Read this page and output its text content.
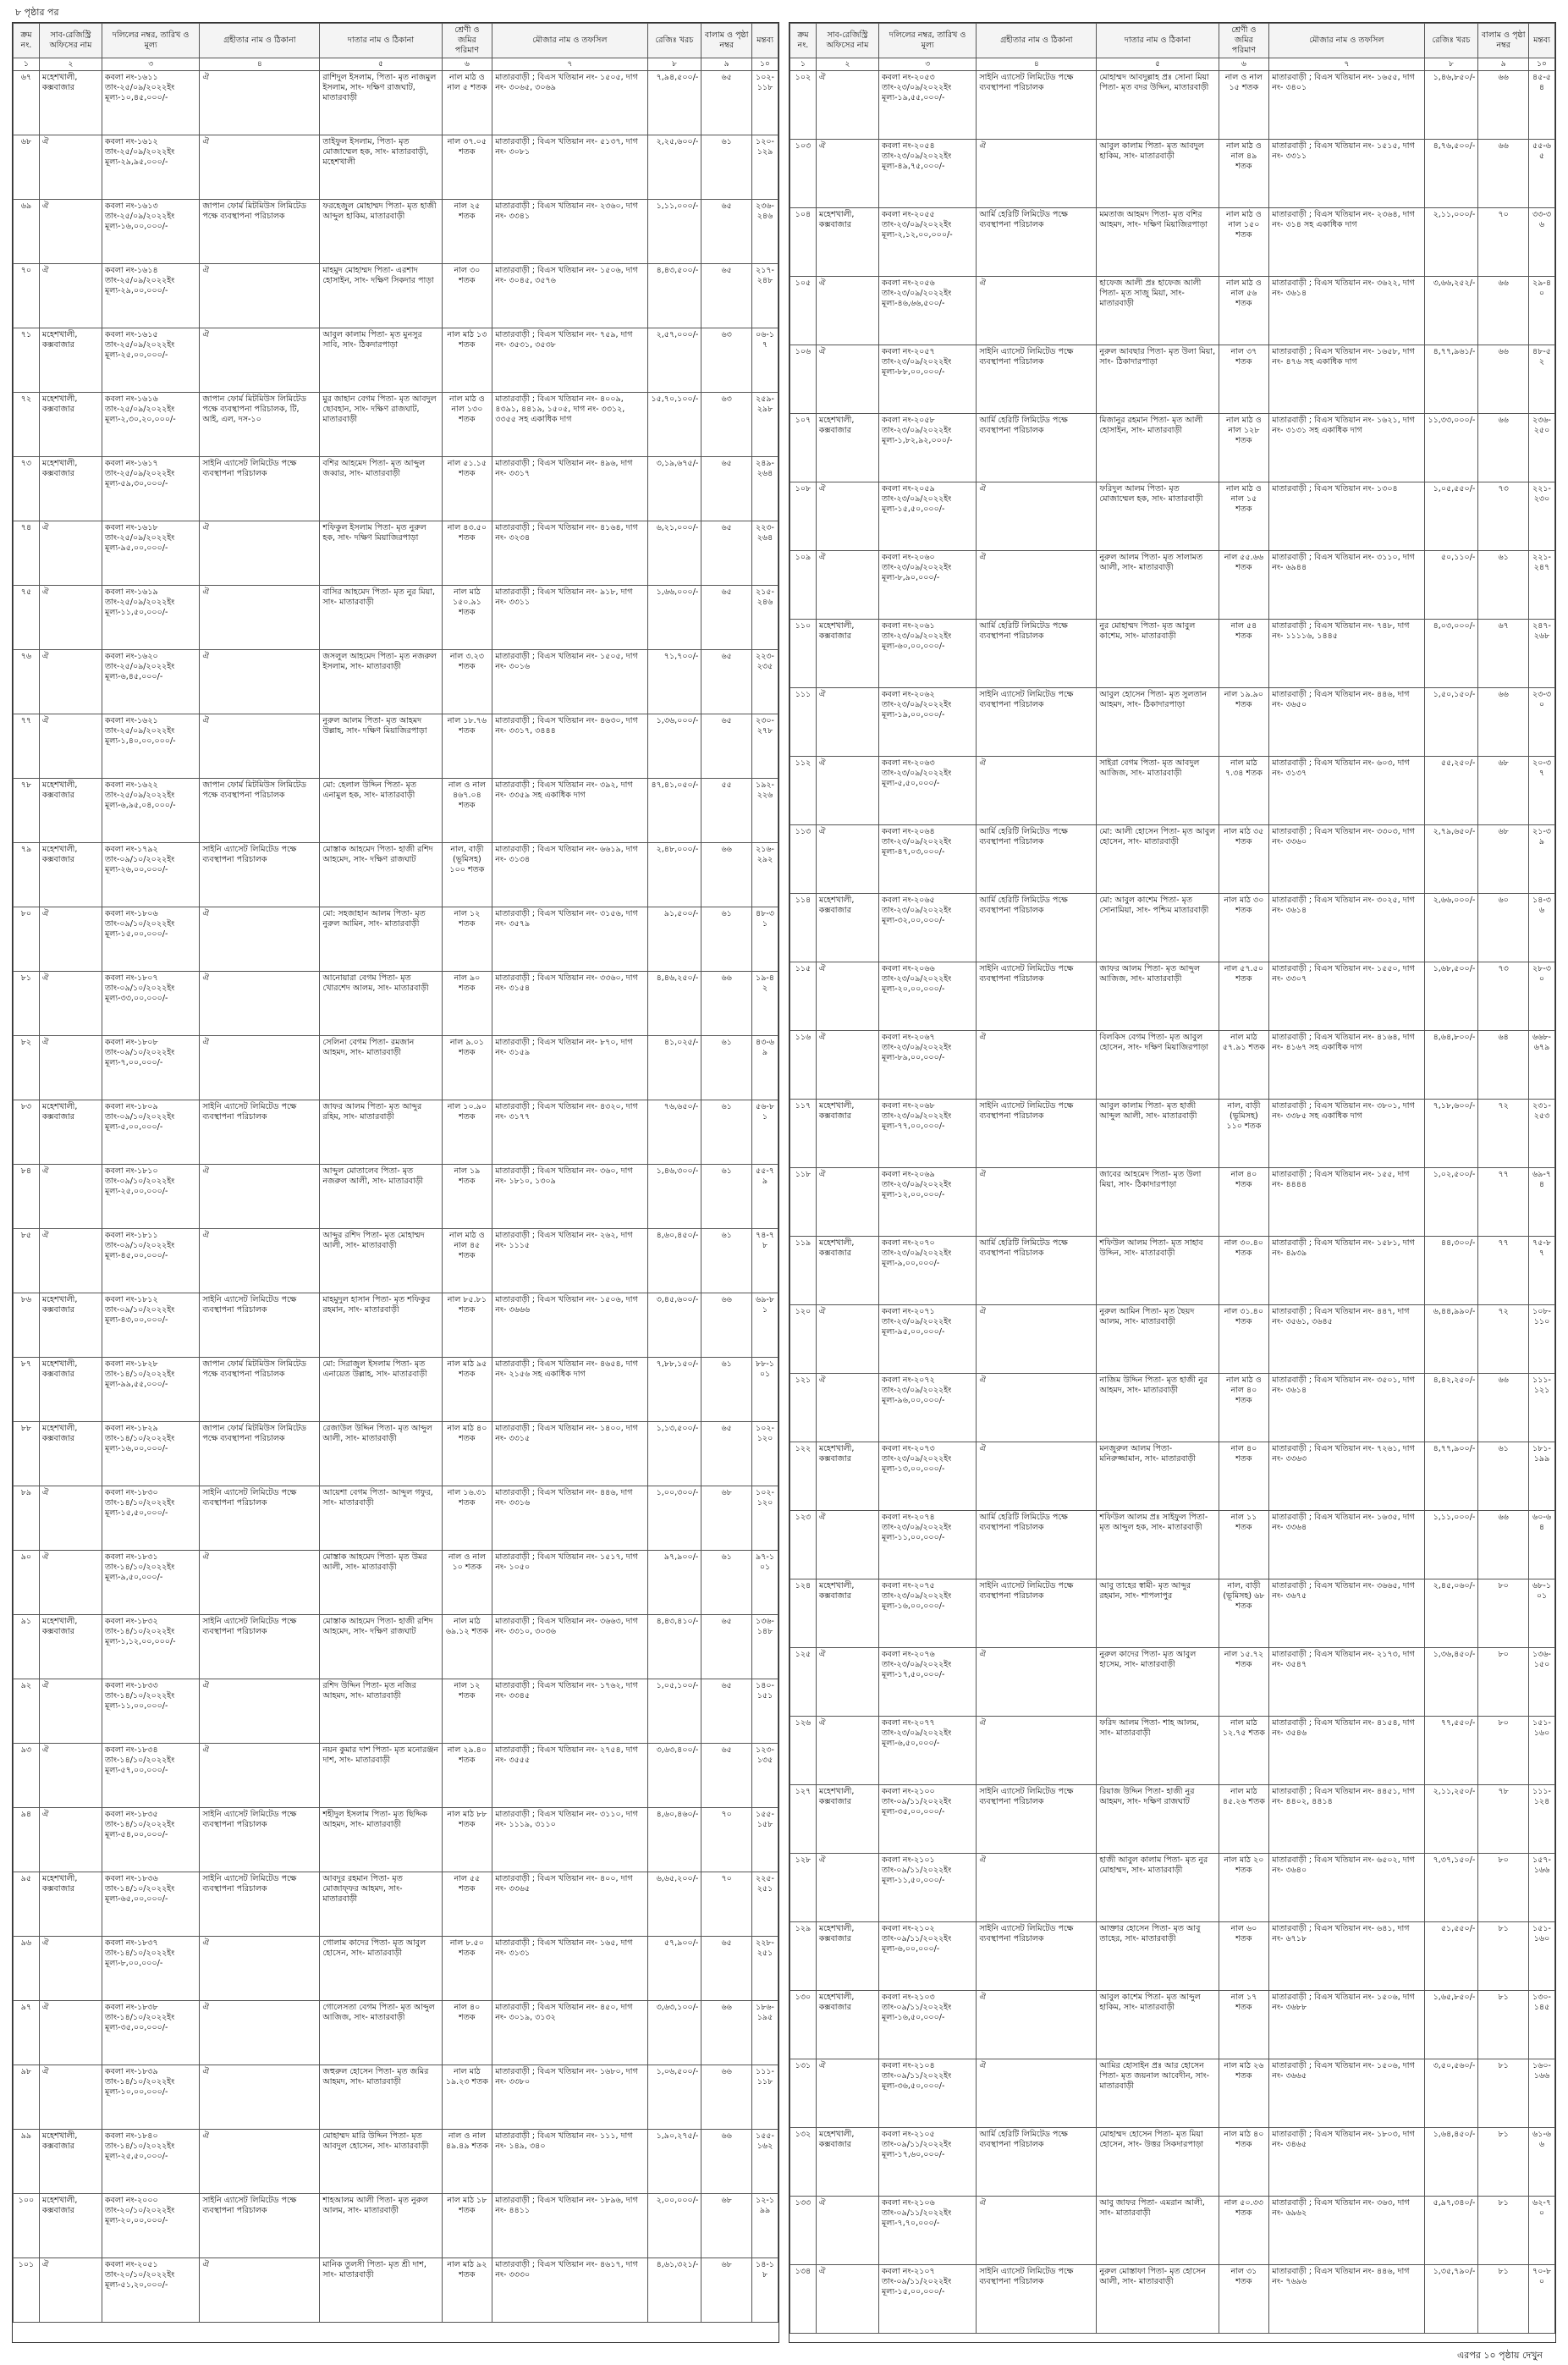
৮ পৃষ্ঠার পর
ক্রম নং.	সাব-রেজিস্ট্রি অফিসের নাম	দলিলের নম্বর, তারিখ ও মূল্য	গ্রহীতার নাম ও ঠিকানা	দাতার নাম ও ঠিকানা	শ্রেণী ও জমির পরিমাণ	মৌজার নাম ও তফসিল	রেজিঃ খরচ	বালাম ও পৃষ্ঠা নম্বর	মন্তব্য
১	২	৩	৪	৫	৬	৭	৮	৯	১০
৬৭	মহেশখালী, কক্সবাজার	কবলা নং-১৬১১ তাং-২৫/০৯/২০২২ইং মূল্য-১০,৪৫,০০০/-	ঐ	রাশিদুল ইসলাম, পিতা- মৃত নাজমুল ইসলাম, সাং- দক্ষিণ রাজঘাট, মাতারবাড়ী	নাল মাঠ ও নাল ৫ শতক	মাতারবাড়ী ; বিএস খতিয়ান নং- ১৫০৫, দাগ নং- ৩০৬৫, ৩০৬৯	৭,৯৪,৫০০/-	৬৫	১০২-১১৮
৬৮	ঐ	কবলা নং-১৬১২ তাং-২৫/০৯/২০২২ইং মূল্য-২৯,৯৫,০০০/-	ঐ	তাইফুল ইসলাম, পিতা- মৃত মোজাম্মেল হক, সাং- মাতারবাড়ী, মহেশখালী	নাল ৩৭.০৫ শতক	মাতারবাড়ী ; বিএস খতিয়ান নং- ৫১৩৭, দাগ নং- ৩০৮১	২,২৫,৬০০/-	৬১	১২০-১২৯
৬৯	ঐ	কবলা নং-১৬১৩ তাং-২৫/০৯/২০২২ইং মূল্য-১৬,০০,০০০/-	জাপান ফোর্ম মিটমিউস লিমিটেড পক্ষে ব্যবস্থাপনা পরিচালক	ফরহেজুল মোহাম্মদ পিতা- মৃত হাজী আব্দুল হাকিম, মাতারবাড়ী	নাল ২৫ শতক	মাতারবাড়ী ; বিএস খতিয়ান নং- ২৩৬০, দাগ নং- ৩৩৪১	১,১১,০০০/-	৬৫	২৩৬-২৪৬
৭০	ঐ	কবলা নং-১৬১৪ তাং-২৫/০৯/২০২২ইং মূল্য-২৯,০০,০০০/-	ঐ	মাহমুদ মোহাম্মদ পিতা- এরশাদ হোসাইন, সাং- দক্ষিণ সিকদার পাড়া	নাল ৩০ শতক	মাতারবাড়ী ; বিএস খতিয়ান নং- ১৫০৬, দাগ নং- ৩০৪৫, ৩৫৭৬	৪,৪৩,৫০০/-	৬৫	২১৭-২৪৮
৭১	মহেশখালী, কক্সবাজার	কবলা নং-১৬১৫ তাং-২৫/০৯/২০২২ইং মূল্য-২৫,০০,০০০/-	ঐ	আবুল কালাম পিতা- মৃত মুনসুর সাবি, সাং- ঠিকদারপাড়া	নাল মাঠ ১৩ শতক	মাতারবাড়ী ; বিএস খতিয়ান নং- ৭৫৯, দাগ নং- ৩৫৩১, ৩৫৩৮	২,৫৭,০০০/-	৬৩	০৬-১৭
৭২	মহেশখালী, কক্সবাজার	কবলা নং-১৬১৬ তাং-২৫/০৯/২০২২ইং মূল্য-২,৩০,২০,০০০/-	জাপান ফোর্ম মিটমিউস লিমিটেড পক্ষে ব্যবস্থাপনা পরিচালক, টি, আই, এল, দস-১০	মুর জাহান বেগম পিতা- মৃত আবদুল ছোবহান, সাং- দক্ষিণ রাজঘাট, মাতারবাড়ী	নাল মাঠ ও নাল ১৩০ শতক	মাতারবাড়ী ; বিএস খতিয়ান নং- ৪০০৯, ৪৩৯১, ৪৪১৯, ১৫০৫, দাগ নং- ৩৩১২, ৩৩৫৫ সহ একাধিক দাগ	১৫,৭০,১০০/-	৬৩	২৫৯-২৯৮
৭৩	মহেশখালী, কক্সবাজার	কবলা নং-১৬১৭ তাং-২৫/০৯/২০২২ইং মূল্য-৫৯,৩০,০০০/-	সাইনি এ্যাসেট লিমিটেড পক্ষে ব্যবস্থাপনা পরিচালক	বশির আহমেদ পিতা- মৃত আব্দুল জব্বার, সাং- মাতারবাড়ী	নাল ৫১.১৫ শতক	মাতারবাড়ী ; বিএস খতিয়ান নং- ৪৯৬, দাগ নং- ৩৩১৭	৩,১৯,৬৭৫/-	৬৫	২৪৯-২৬৪
৭৪	ঐ	কবলা নং-১৬১৮ তাং-২৫/০৯/২০২২ইং মূল্য-৯৫,০০,০০০/-	ঐ	শফিকুল ইসলাম পিতা- মৃত নুরুল হক, সাং- দক্ষিণ মিয়াজিরপাড়া	নাল ৪৩.৫০ শতক	মাতারবাড়ী ; বিএস খতিয়ান নং- ৪১৬৪, দাগ নং- ৩২৩৪	৬,২১,০০০/-	৬৫	২২৩-২৬৪
৭৫	ঐ	কবলা নং-১৬১৯ তাং-২৫/০৯/২০২২ইং মূল্য-১১,৫০,০০০/-	ঐ	বাসির আহমেদ পিতা- মৃত নুর মিয়া, সাং- মাতারবাড়ী	নাল মাঠ ১৫০.৯১ শতক	মাতারবাড়ী ; বিএস খতিয়ান নং- ৯১৮, দাগ নং- ৩৩১১	১,৬৬,০০০/-	৬৫	২১৫-২৪৬
৭৬	ঐ	কবলা নং-১৬২০ তাং-২৫/০৯/২০২২ইং মূল্য-৬,৪৫,০০০/-	ঐ	জসলুল আহমেদ পিতা- মৃত নজরুল ইসলাম, সাং- মাতারবাড়ী	নাল ৩.২৩ শতক	মাতারবাড়ী ; বিএস খতিয়ান নং- ১৫০৫, দাগ নং- ৩০১৬	৭১,৭০০/-	৬৫	২২৩-২৩৫
৭৭	ঐ	কবলা নং-১৬২১ তাং-২৫/০৯/২০২২ইং মূল্য-১,৪০,০০,০০০/-	ঐ	নুরুল আলম পিতা- মৃত আহমদ উল্লাহ, সাং- দক্ষিণ মিয়াজিরপাড়া	নাল ১৮.৭৬ শতক	মাতারবাড়ী ; বিএস খতিয়ান নং- ৪৬৩০, দাগ নং- ৩৩১৭, ৩৪৪৪	১,৩৬,০০০/-	৬৫	২৩০-২৭৮
৭৮	মহেশখালী, কক্সবাজার	কবলা নং-১৬২২ তাং-২৫/০৯/২০২২ইং মূল্য-৬,৯৫,০৪,০০০/-	জাপান ফোর্ম মিটমিউস লিমিটেড পক্ষে ব্যবস্থাপনা পরিচালক	মো: হেলাল উদ্দিন পিতা- মৃত এনামুল হক, সাং- মাতারবাড়ী	নাল ও নাল ৪৬৭.০৪ শতক	মাতারবাড়ী ; বিএস খতিয়ান নং- ৩৯২, দাগ নং- ৩৩৫৯ সহ একাধিক দাগ	৪৭,৪১,০৫০/-	৫৫	১৯২-২২৬
৭৯	মহেশখালী, কক্সবাজার	কবলা নং-১৭৯২ তাং-০৯/১০/২০২২ইং মূল্য-২৬,০০,০০০/-	সাইনি এ্যাসেট লিমিটেড পক্ষে ব্যবস্থাপনা পরিচালক	মোস্তাক আহমেদ পিতা- হাজী রশিদ আহমেদ, সাং- দক্ষিণ রাজঘাট	নাল, বাড়ী (ভূমিসহ) ১০০ শতক	মাতারবাড়ী ; বিএস খতিয়ান নং- ৬৬১৯, দাগ নং- ৩১৩৪	২,৪৮,০০০/-	৬৬	২১৬-২৯২
৮০	ঐ	কবলা নং-১৮০৬ তাং-০৯/১০/২০২২ইং মূল্য-১৫,০০,০০০/-	ঐ	মো: সহজাহান আলম পিতা- মৃত নুরুল আমিন, সাং- মাতারবাড়ী	নাল ১২ শতক	মাতারবাড়ী ; বিএস খতিয়ান নং- ৩১৫৬, দাগ নং- ৩৫৭৯	৯১,৫০০/-	৬১	৪৮-৩১
৮১	ঐ	কবলা নং-১৮০৭ তাং-০৯/১০/২০২২ইং মূল্য-৩৩,০০,০০০/-	ঐ	আনোয়ারা বেগম পিতা- মৃত খোরশেদ আলম, সাং- মাতারবাড়ী	নাল ৯০ শতক	মাতারবাড়ী ; বিএস খতিয়ান নং- ৩৩৬০, দাগ নং- ৩১৫৪	৪,৪৬,২৫০/-	৬৬	১৯-৪২
৮২	ঐ	কবলা নং-১৮০৮ তাং-০৯/১০/২০২২ইং মূল্য-৭,০০,০০০/-	ঐ	সেলিনা বেগম পিতা- রমজান আহমদ, সাং- মাতারবাড়ী	নাল ৯.০১ শতক	মাতারবাড়ী ; বিএস খতিয়ান নং- ৮৭০, দাগ নং- ৩১৫৯	৪১,০২৫/-	৬১	৪৩-৬৯
৮৩	মহেশখালী, কক্সবাজার	কবলা নং-১৮০৯ তাং-০৯/১০/২০২২ইং মূল্য-৫,০০,০০০/-	সাইনি এ্যাসেট লিমিটেড পক্ষে ব্যবস্থাপনা পরিচালক	জাফর আলম পিতা- মৃত আব্দুর রহিম, সাং- মাতারবাড়ী	নাল ১০.৯০ শতক	মাতারবাড়ী ; বিএস খতিয়ান নং- ৪৩২০, দাগ নং- ৩১৭৭	৭৬,৬৫০/-	৬১	৫৬-৮১
৮৪	ঐ	কবলা নং-১৮১০ তাং-০৯/১০/২০২২ইং মূল্য-২৫,০০,০০০/-	ঐ	আব্দুল মোতালেব পিতা- মৃত নজরুল আলী, সাং- মাতারবাড়ী	নাল ১৯ শতক	মাতারবাড়ী ; বিএস খতিয়ান নং- ৩৬০, দাগ নং- ১৮১০, ১৩০৯	১,৪৬,৩০০/-	৬১	৫৫-৭৯
৮৫	ঐ	কবলা নং-১৮১১ তাং-০৯/১০/২০২২ইং মূল্য-৪৫,০০,০০০/-	ঐ	আব্দুর রশিদ পিতা- মৃত মোহাম্মদ আলী, সাং- মাতারবাড়ী	নাল মাঠ ও নাল ৪৫ শতক	মাতারবাড়ী ; বিএস খতিয়ান নং- ২৬২, দাগ নং- ১১১৫	৪,৬০,৪৫০/-	৬১	৭৪-৭৮
৮৬	মহেশখালী, কক্সবাজার	কবলা নং-১৮১২ তাং-০৯/১০/২০২২ইং মূল্য-৪৩,০০,০০০/-	সাইনি এ্যাসেট লিমিটেড পক্ষে ব্যবস্থাপনা পরিচালক	মাহমুদুল হাসান পিতা- মৃত শফিকুর রহমান, সাং- মাতারবাড়ী	নাল ৮৫.৮১ শতক	মাতারবাড়ী ; বিএস খতিয়ান নং- ১৫০৬, দাগ নং- ৩৬৬৬	৩,৪৫,৬০০/-	৬৬	৬৯-৮১
৮৭	মহেশখালী, কক্সবাজার	কবলা নং-১৮২৮ তাং-১৪/১০/২০২২ইং মূল্য-৯৯,৫৫,০০০/-	জাপান ফোর্ম মিটমিউস লিমিটেড পক্ষে ব্যবস্থাপনা পরিচালক	মো: সিরাজুল ইসলাম পিতা- মৃত এনায়েত উল্লাহ, সাং- মাতারবাড়ী	নাল মাঠ ৯৫ শতক	মাতারবাড়ী ; বিএস খতিয়ান নং- ৪৬৫৪, দাগ নং- ২১৫৬ সহ একাধিক দাগ	৭,৮৮,১৫০/-	৬১	৮৮-১০১
৮৮	মহেশখালী, কক্সবাজার	কবলা নং-১৮২৯ তাং-১৪/১০/২০২২ইং মূল্য-১৬,০০,০০০/-	জাপান ফোর্ম মিটমিউস লিমিটেড পক্ষে ব্যবস্থাপনা পরিচালক	রেজাউল উদ্দিন পিতা- মৃত আব্দুল আলী, সাং- মাতারবাড়ী	নাল মাঠ ৪০ শতক	মাতারবাড়ী ; বিএস খতিয়ান নং- ১৪০০, দাগ নং- ৩৩১৫	১,১৩,৫০০/-	৬৫	১০২-১২০
৮৯	ঐ	কবলা নং-১৮৩০ তাং-১৪/১০/২০২২ইং মূল্য-১৫,৫০,০০০/-	সাইনি এ্যাসেট লিমিটেড পক্ষে ব্যবস্থাপনা পরিচালক	আয়েশা বেগম পিতা- আব্দুল গফুর, সাং- মাতারবাড়ী	নাল ১৬.৩১ শতক	মাতারবাড়ী ; বিএস খতিয়ান নং- ৪৪৬, দাগ নং- ৩৩১৬	১,০০,৩০০/-	৬৮	১০২-১২০
৯০	ঐ	কবলা নং-১৮৩১ তাং-১৪/১০/২০২২ইং মূল্য-৯,৫০,০০০/-	ঐ	মোস্তাক আহমেদ পিতা- মৃত উমর আলী, সাং- মাতারবাড়ী	নাল ও নাল ১০ শতক	মাতারবাড়ী ; বিএস খতিয়ান নং- ১৫১৭, দাগ নং- ১০৫০	৯৭,৯০০/-	৬১	৯৭-১০১
৯১	মহেশখালী, কক্সবাজার	কবলা নং-১৮৩২ তাং-১৪/১০/২০২২ইং মূল্য-১,১২,০০,০০০/-	সাইনি এ্যাসেট লিমিটেড পক্ষে ব্যবস্থাপনা পরিচালক	মোস্তাক আহমেদ পিতা- হাজী রশিদ আহমেদ, সাং- দক্ষিণ রাজঘাট	নাল মাঠ ৬৯.১২ শতক	মাতারবাড়ী ; বিএস খতিয়ান নং- ৩৬৬৩, দাগ নং- ৩৩১০, ৩০৩৬	৪,৪৩,৪১০/-	৬৫	১৩৬-১৪৮
৯২	ঐ	কবলা নং-১৮৩৩ তাং-১৪/১০/২০২২ইং মূল্য-১১,০০,০০০/-	ঐ	রশিদ উদ্দিন পিতা- মৃত নজির আহমদ, সাং- মাতারবাড়ী	নাল ১২ শতক	মাতারবাড়ী ; বিএস খতিয়ান নং- ১৭৬২, দাগ নং- ৩৩৪৫	১,০৫,১০০/-	৬৫	১৪০-১৫১
৯৩	ঐ	কবলা নং-১৮৩৪ তাং-১৪/১০/২০২২ইং মূল্য-৫৭,০০,০০০/-	ঐ	নয়ন কুমার দাশ পিতা- মৃত মনোরঞ্জন দাশ, সাং- মাতারবাড়ী	নাল ২৯.৪০ শতক	মাতারবাড়ী ; বিএস খতিয়ান নং- ২৭৫৪, দাগ নং- ৩৫৫৫	৩,৬৩,৪০০/-	৬৫	১২৩-১৩৫
৯৪	ঐ	কবলা নং-১৮৩৫ তাং-১৪/১০/২০২২ইং মূল্য-৫৪,০০,০০০/-	সাইনি এ্যাসেট লিমিটেড পক্ষে ব্যবস্থাপনা পরিচালক	শহীদুল ইসলাম পিতা- মৃত ছিদ্দিক আহমদ, সাং- মাতারবাড়ী	নাল মাঠ ৮৮ শতক	মাতারবাড়ী ; বিএস খতিয়ান নং- ৩১১০, দাগ নং- ১১১৯, ৩১১০	৪,৬০,৪৬০/-	৭০	১৫৫-১৫৮
৯৫	মহেশখালী, কক্সবাজার	কবলা নং-১৮৩৬ তাং-১৪/১০/২০২২ইং মূল্য-৬৫,০০,০০০/-	সাইনি এ্যাসেট লিমিটেড পক্ষে ব্যবস্থাপনা পরিচালক	আবদুর রহমান পিতা- মৃত মোজাফ্ফর আহমদ, সাং- মাতারবাড়ী	নাল ৫৫ শতক	মাতারবাড়ী ; বিএস খতিয়ান নং- ৪০০, দাগ নং- ৩৩৬৫	৬,৬৫,২০০/-	৭০	২২৫-২৫১
৯৬	ঐ	কবলা নং-১৮৩৭ তাং-১৪/১০/২০২২ইং মূল্য-৮,০০,০০০/-	ঐ	গোলাম কাদের পিতা- মৃত আবুল হোসেন, সাং- মাতারবাড়ী	নাল ৮.৫০ শতক	মাতারবাড়ী ; বিএস খতিয়ান নং- ১৬৫, দাগ নং- ৩১৩১	৫৭,৯০০/-	৬৫	২২৮-২৫১
৯৭	ঐ	কবলা নং-১৮৩৮ তাং-১৪/১০/২০২২ইং মূল্য-৩৫,০০,০০০/-	ঐ	গোলেসতা বেগম পিতা- মৃত আব্দুল আজিজ, সাং- মাতারবাড়ী	নাল ৪০ শতক	মাতারবাড়ী ; বিএস খতিয়ান নং- ৪৫০, দাগ নং- ৩০১৯, ৩১৩২	৩,৬৩,১০০/-	৬৬	১৮৬-১৯৫
৯৮	ঐ	কবলা নং-১৮৩৯ তাং-১৪/১০/২০২২ইং মূল্য-১০,০০,০০০/-	ঐ	জহুরুল হোসেন পিতা- মৃত জমির আহমদ, সাং- মাতারবাড়ী	নাল মাঠ ১৯.২৩ শতক	মাতারবাড়ী ; বিএস খতিয়ান নং- ১৬৮০, দাগ নং- ৩৩৮০	১,০৬,৫০০/-	৬৬	১১১-১১৮
৯৯	মহেশখালী, কক্সবাজার	কবলা নং-১৮৪০ তাং-১৪/১০/২০২২ইং মূল্য-২৫,৫০,০০০/-	ঐ	মোহাম্মদ মারি উদ্দিন পিতা- মৃত আবদুল হোসেন, সাং- মাতারবাড়ী	নাল ও নাল ৪৯.৪৯ শতক	মাতারবাড়ী ; বিএস খতিয়ান নং- ১১১, দাগ নং- ১৪৯, ৩৪০	১,৯০,২৭৫/-	৬৬	১৫৫-১৬২
১০০	মহেশখালী, কক্সবাজার	কবলা নং-২০০০ তাং-২০/১০/২০২২ইং মূল্য-২০,০০,০০০/-	সাইনি এ্যাসেট লিমিটেড পক্ষে ব্যবস্থাপনা পরিচালক	শাহআলম আলী পিতা- মৃত নুরুল আলম, সাং- মাতারবাড়ী	নাল মাঠ ১৮ শতক	মাতারবাড়ী ; বিএস খতিয়ান নং- ১৮৯৬, দাগ নং- ৪৪১১	২,০০,০০০/-	৬৮	১২-১৯৯
১০১	ঐ	কবলা নং-২০৫১ তাং-২০/১০/২০২২ইং মূল্য-৫১,২০,০০০/-	ঐ	মানিক তুলসী পিতা- মৃত শ্রী দাশ, সাং- মাতারবাড়ী	নাল মাঠ ৯২ শতক	মাতারবাড়ী ; বিএস খতিয়ান নং- ৪৬১৭, দাগ নং- ৩৩৩০	৪,৬১,৩২১/-	৬৮	১৪-১৮
ক্রম নং.	সাব-রেজিস্ট্রি অফিসের নাম	দলিলের নম্বর, তারিখ ও মূল্য	গ্রহীতার নাম ও ঠিকানা	দাতার নাম ও ঠিকানা	শ্রেণী ও জমির পরিমাণ	মৌজার নাম ও তফসিল	রেজিঃ খরচ	বালাম ও পৃষ্ঠা নম্বর	মন্তব্য
১	২	৩	৪	৫	৬	৭	৮	৯	১০
১০২	ঐ	কবলা নং-২০৫৩ তাং-২৩/০৯/২০২২ইং মূল্য-১৯,৫৫,০০০/-	সাইনি এ্যাসেট লিমিটেড পক্ষে ব্যবস্থাপনা পরিচালক	মোহাম্মদ আবদুল্লাহ প্রঃ সোনা মিয়া পিতা- মৃত বদর উদ্দিন, মাতারবাড়ী	নাল ও নাল ১৫ শতক	মাতারবাড়ী ; বিএস খতিয়ান নং- ১৬৫৫, দাগ নং- ৩৪০১	১,৪৬,৮৫০/-	৬৬	৪৫-৫৪
১০৩	ঐ	কবলা নং-২০৫৪ তাং-২৩/০৯/২০২২ইং মূল্য-৪৯,৭৫,০০০/-	ঐ	আবুল কালাম পিতা- মৃত আবদুল হাকিম, সাং- মাতারবাড়ী	নাল মাঠ ও নাল ৪৯ শতক	মাতারবাড়ী ; বিএস খতিয়ান নং- ১৫১৫, দাগ নং- ৩৩১১	৪,৭৬,৫০০/-	৬৬	৫৫-৬৫
১০৪	মহেশখালী, কক্সবাজার	কবলা নং-২০৫৫ তাং-২৩/০৯/২০২২ইং মূল্য-২,১২,০০,০০০/-	আর্মি হেরিটি লিমিটেড পক্ষে ব্যবস্থাপনা পরিচালক	মমতাজ আহমদ পিতা- মৃত বশির আহমদ, সাং- দক্ষিণ মিয়াজিরপাড়া	নাল মাঠ ও নাল ১৫০ শতক	মাতারবাড়ী ; বিএস খতিয়ান নং- ২৩৬৪, দাগ নং- ৩১৪ সহ একাধিক দাগ	২,১১,০০০/-	৭০	৩৩-৩৬
১০৫	ঐ	কবলা নং-২০৫৬ তাং-২৩/০৯/২০২২ইং মূল্য-৪৬,৬৬,৫০০/-	ঐ	হাফেজ আলী প্রঃ হাফেজ আলী পিতা- মৃত সাজু মিয়া, সাং- মাতারবাড়ী	নাল মাঠ ও নাল ৫৬ শতক	মাতারবাড়ী ; বিএস খতিয়ান নং- ৩৬২২, দাগ নং- ৩৬১৪	৩,৬৬,২৫২/-	৬৬	২৯-৪০
১০৬	ঐ	কবলা নং-২০৫৭ তাং-২৩/০৯/২০২২ইং মূল্য-৮৮,০০,০০০/-	সাইনি এ্যাসেট লিমিটেড পক্ষে ব্যবস্থাপনা পরিচালক	নুরুল আবছার পিতা- মৃত উলা মিয়া, সাং- ঠিকাদারপাড়া	নাল ৩৭ শতক	মাতারবাড়ী ; বিএস খতিয়ান নং- ১৬৫৮, দাগ নং- ৪৭৬ সহ একাধিক দাগ	৪,৭৭,৯৬১/-	৬৬	৪৮-৫২
১০৭	মহেশখালী, কক্সবাজার	কবলা নং-২০৫৮ তাং-২৩/০৯/২০২২ইং মূল্য-১,৮২,৯২,০০০/-	আর্মি হেরিটি লিমিটেড পক্ষে ব্যবস্থাপনা পরিচালক	মিজানুর রহমান পিতা- মৃত আলী হোসাইন, সাং- মাতারবাড়ী	নাল মাঠ ও নাল ১২৮ শতক	মাতারবাড়ী ; বিএস খতিয়ান নং- ১৬২১, দাগ নং- ৩১৩১ সহ একাধিক দাগ	১১,৩৩,০০০/-	৬৬	২৩৬-২৫০
১০৮	ঐ	কবলা নং-২০৫৯ তাং-২৩/০৯/২০২২ইং মূল্য-১৫,৫০,০০০/-	ঐ	ফরিদুল আলম পিতা- মৃত মোজাম্মেল হক, সাং- মাতারবাড়ী	নাল মাঠ ও নাল ১৫ শতক	মাতারবাড়ী ; বিএস খতিয়ান নং- ১৩০৪	১,০৫,৫৫০/-	৭৩	২২১-২৩০
১০৯	ঐ	কবলা নং-২০৬০ তাং-২৩/০৯/২০২২ইং মূল্য-৮,৯০,০০০/-	ঐ	নুরুল আলম পিতা- মৃত সালামত আলী, সাং- মাতারবাড়ী	নাল ৫৫.৬৬ শতক	মাতারবাড়ী ; বিএস খতিয়ান নং- ৩১১০, দাগ নং- ৬৯৪৪	৫০,১১০/-	৬১	২২১-২৪৭
১১০	মহেশখালী, কক্সবাজার	কবলা নং-২০৬১ তাং-২৩/০৯/২০২২ইং মূল্য-৬০,০০,০০০/-	আর্মি হেরিটি লিমিটেড পক্ষে ব্যবস্থাপনা পরিচালক	নুর মোহাম্মদ পিতা- মৃত আবুল কাশেম, সাং- মাতারবাড়ী	নাল ৫৪ শতক	মাতারবাড়ী ; বিএস খতিয়ান নং- ৭৪৮, দাগ নং- ১১১১৬, ১৪৪৫	৪,০৩,০০০/-	৬৭	২৪৭-২৬৮
১১১	ঐ	কবলা নং-২০৬২ তাং-২৩/০৯/২০২২ইং মূল্য-১৯,০০,০০০/-	সাইনি এ্যাসেট লিমিটেড পক্ষে ব্যবস্থাপনা পরিচালক	আবুল হোসেন পিতা- মৃত সুলতান আহমদ, সাং- ঠিকাদারপাড়া	নাল ১৯.৯০ শতক	মাতারবাড়ী ; বিএস খতিয়ান নং- ৪৪৬, দাগ নং- ৩৬৫০	১,৫০,১৫০/-	৬৬	২৩-৩০
১১২	ঐ	কবলা নং-২০৬৩ তাং-২৩/০৯/২০২২ইং মূল্য-৫,৫০,০০০/-	ঐ	সাইরা বেগম পিতা- মৃত আবদুল আজিজ, সাং- মাতারবাড়ী	নাল মাঠ ৭.৩৪ শতক	মাতারবাড়ী ; বিএস খতিয়ান নং- ৬০৩, দাগ নং- ৩১৩৭	৫৫,২৫০/-	৬৮	২০-৩৭
১১৩	ঐ	কবলা নং-২০৬৪ তাং-২৩/০৯/২০২২ইং মূল্য-৪৭,০৩,০০০/-	আর্মি হেরিটি লিমিটেড পক্ষে ব্যবস্থাপনা পরিচালক	মো: আলী হোসেন পিতা- মৃত আবুল হোসেন, সাং- মাতারবাড়ী	নাল মাঠ ৩৫ শতক	মাতারবাড়ী ; বিএস খতিয়ান নং- ৩৩০৩, দাগ নং- ৩৩৬০	২,৭৯,৬৫০/-	৬৮	২১-৩৯
১১৪	মহেশখালী, কক্সবাজার	কবলা নং-২০৬৫ তাং-২৩/০৯/২০২২ইং মূল্য-৩২,০০,০০০/-	আর্মি হেরিটি লিমিটেড পক্ষে ব্যবস্থাপনা পরিচালক	মো: আবুল কাশেম পিতা- মৃত সোনামিয়া, সাং- পশ্চিম মাতারবাড়ী	নাল মাঠ ৩০ শতক	মাতারবাড়ী ; বিএস খতিয়ান নং- ৩০২৫, দাগ নং- ৩৬১৪	২,৬৬,০০০/-	৬০	১৪-৩৬
১১৫	ঐ	কবলা নং-২০৬৬ তাং-২৩/০৯/২০২২ইং মূল্য-২০,০০,০০০/-	সাইনি এ্যাসেট লিমিটেড পক্ষে ব্যবস্থাপনা পরিচালক	জাফর আলম পিতা- মৃত আব্দুল আজিজ, সাং- মাতারবাড়ী	নাল ৫৭.৫০ শতক	মাতারবাড়ী ; বিএস খতিয়ান নং- ১৫৫০, দাগ নং- ৩৩০৭	১,৬৮,৫০০/-	৭৩	২৮-৩০
১১৬	ঐ	কবলা নং-২০৬৭ তাং-২৩/০৯/২০২২ইং মূল্য-৮৯,০০,০০০/-	ঐ	বিলকিস বেগম পিতা- মৃত আবুল হোসেন, সাং- দক্ষিণ মিয়াজিরপাড়া	নাল মাঠ ৫৭.৯১ শতক	মাতারবাড়ী ; বিএস খতিয়ান নং- ৪১৬৪, দাগ নং- ৪১৬৭ সহ একাধিক দাগ	৪,৬৪,৮০০/-	৬৪	৬৬৮-৬৭৯
১১৭	মহেশখালী, কক্সবাজার	কবলা নং-২০৬৮ তাং-২৩/০৯/২০২২ইং মূল্য-৭৭,০০,০০০/-	সাইনি এ্যাসেট লিমিটেড পক্ষে ব্যবস্থাপনা পরিচালক	আবুল কালাম পিতা- মৃত হাজী আব্দুল আলী, সাং- মাতারবাড়ী	নাল, বাড়ী (ভূমিসহ) ১১০ শতক	মাতারবাড়ী ; বিএস খতিয়ান নং- ৩৮০১, দাগ নং- ৩৩৮৫ সহ একাধিক দাগ	৭,১৮,৬০০/-	৭২	২৩১-২৫৩
১১৮	ঐ	কবলা নং-২০৬৯ তাং-২৩/০৯/২০২২ইং মূল্য-১২,০০,০০০/-	ঐ	জাবের আহমেদ পিতা- মৃত উলা মিয়া, সাং- ঠিকাদারপাড়া	নাল ৪০ শতক	মাতারবাড়ী ; বিএস খতিয়ান নং- ১৫৫, দাগ নং- ৪৪৪৪	১,০২,৫০০/-	৭৭	৬৯-৭৪
১১৯	মহেশখালী, কক্সবাজার	কবলা নং-২০৭০ তাং-২৩/০৯/২০২২ইং মূল্য-৯,০০,০০০/-	আর্মি হেরিটি লিমিটেড পক্ষে ব্যবস্থাপনা পরিচালক	শফিউল আলম পিতা- মৃত সাহাব উদ্দিন, সাং- মাতারবাড়ী	নাল ৩০.৪০ শতক	মাতারবাড়ী ; বিএস খতিয়ান নং- ১৫৮১, দাগ নং- ৪৯৩৯	৪৪,৩০০/-	৭৭	৭৫-৮৭
১২০	ঐ	কবলা নং-২০৭১ তাং-২৩/০৯/২০২২ইং মূল্য-৯৫,০০,০০০/-	ঐ	নুরুল আমিন পিতা- মৃত ছৈয়দ আলম, সাং- মাতারবাড়ী	নাল ৩১.৪০ শতক	মাতারবাড়ী ; বিএস খতিয়ান নং- ৪৪৭, দাগ নং- ৩৫৬১, ৩৬৪৫	৬,৪৪,৯৯০/-	৭২	১০৮-১১০
১২১	ঐ	কবলা নং-২০৭২ তাং-২৩/০৯/২০২২ইং মূল্য-৯৬,০০,০০০/-	ঐ	নাজিম উদ্দিন পিতা- মৃত হাজী নুর আহমদ, সাং- মাতারবাড়ী	নাল মাঠ ও নাল ৪০ শতক	মাতারবাড়ী ; বিএস খতিয়ান নং- ৩৫০১, দাগ নং- ৩৬১৪	৪,৪২,২৫০/-	৬৬	১১১-১২১
১২২	মহেশখালী, কক্সবাজার	কবলা নং-২০৭৩ তাং-২৩/০৯/২০২২ইং মূল্য-১৩,০০,০০০/-	ঐ	মনজুরুল আলম পিতা- মনিরুজ্জামান, সাং- মাতারবাড়ী	নাল ৪০ শতক	মাতারবাড়ী ; বিএস খতিয়ান নং- ৭২৬১, দাগ নং- ৩৩৬৩	৪,৭৭,৯০০/-	৬১	১৮১-১৯৯
১২৩	ঐ	কবলা নং-২০৭৪ তাং-২৩/০৯/২০২২ইং মূল্য-১১,০০,০০০/-	আর্মি হেরিটি লিমিটেড পক্ষে ব্যবস্থাপনা পরিচালক	শফিউল আলম প্রঃ সাইফুল পিতা- মৃত আব্দুল হক, সাং- মাতারবাড়ী	নাল ১১ শতক	মাতারবাড়ী ; বিএস খতিয়ান নং- ১৬৩৫, দাগ নং- ৩৩৬৪	১,১১,০০০/-	৬৬	৬০-৬৪
১২৪	মহেশখালী, কক্সবাজার	কবলা নং-২০৭৫ তাং-২৩/০৯/২০২২ইং মূল্য-১৬,০০,০০০/-	সাইনি এ্যাসেট লিমিটেড পক্ষে ব্যবস্থাপনা পরিচালক	আবু তাহের স্বামী- মৃত আব্দুর রহমান, সাং- শাপলাপুর	নাল, বাড়ী (ভূমিসহ) ৬৮ শতক	মাতারবাড়ী ; বিএস খতিয়ান নং- ৩৬৬৫, দাগ নং- ৩৬৭৫	২,৪৫,০৬০/-	৮০	৬৮-১০১
১২৫	ঐ	কবলা নং-২০৭৬ তাং-২৩/০৯/২০২২ইং মূল্য-১৭,৫০,০০০/-	ঐ	নুরুল কাদের পিতা- মৃত আবুল হাসেম, সাং- মাতারবাড়ী	নাল ১৫.৭২ শতক	মাতারবাড়ী ; বিএস খতিয়ান নং- ২১৭৩, দাগ নং- ৩৫৪৭	১,৩৬,৪৫০/-	৮০	১৩৬-১৫০
১২৬	ঐ	কবলা নং-২০৭৭ তাং-২৩/০৯/২০২২ইং মূল্য-৬,৫০,০০০/-	ঐ	ফরিদ আলম পিতা- শাহ আলম, সাং- মাতারবাড়ী	নাল মাঠ ১২.৭৫ শতক	মাতারবাড়ী ; বিএস খতিয়ান নং- ৪১৫৪, দাগ নং- ৩৫৪৬	৭৭,৫৫০/-	৮০	১৫১-১৬০
১২৭	মহেশখালী, কক্সবাজার	কবলা নং-২১০০ তাং-০৯/১১/২০২২ইং মূল্য-৩৫,০০,০০০/-	সাইনি এ্যাসেট লিমিটেড পক্ষে ব্যবস্থাপনা পরিচালক	রিয়াজ উদ্দিন পিতা- হাজী নুর আহমদ, সাং- দক্ষিণ রাজঘাট	নাল মাঠ ৪৫.২৬ শতক	মাতারবাড়ী ; বিএস খতিয়ান নং- ৪৪৫১, দাগ নং- ৪৪০২, ৪৪১৪	২,১১,২৫০/-	৭৮	১১১-১২৪
১২৮	ঐ	কবলা নং-২১০১ তাং-০৯/১১/২০২২ইং মূল্য-১১,৫০,০০০/-	ঐ	হাজী আবুল কালাম পিতা- মৃত নুর মোহাম্মদ, সাং- মাতারবাড়ী	নাল মাঠ ২০ শতক	মাতারবাড়ী ; বিএস খতিয়ান নং- ৬৫০২, দাগ নং- ৩৬৪০	৭,৩৭,১৫০/-	৮০	১৫৭-১৬৬
১২৯	মহেশখালী, কক্সবাজার	কবলা নং-২১০২ তাং-০৯/১১/২০২২ইং মূল্য-৬,০০,০০০/-	সাইনি এ্যাসেট লিমিটেড পক্ষে ব্যবস্থাপনা পরিচালক	আক্তার হোসেন পিতা- মৃত আবু তাহের, সাং- মাতারবাড়ী	নাল ৬০ শতক	মাতারবাড়ী ; বিএস খতিয়ান নং- ৬৪১, দাগ নং- ৬৭১৮	৫১,৫৫০/-	৮১	১৫১-১৬০
১৩০	মহেশখালী, কক্সবাজার	কবলা নং-২১০৩ তাং-০৯/১১/২০২২ইং মূল্য-১৬,৫০,০০০/-	ঐ	আবুল কাশেম পিতা- মৃত আব্দুল হাকিম, সাং- মাতারবাড়ী	নাল ১৭ শতক	মাতারবাড়ী ; বিএস খতিয়ান নং- ১৫০৬, দাগ নং- ৩৬৮৮	১,৬৫,৮৫০/-	৮১	১৩০-১৪৫
১৩১	ঐ	কবলা নং-২১০৪ তাং-০৯/১১/২০২২ইং মূল্য-৩৬,৫০,০০০/-	ঐ	আমির হোসাইন প্রঃ আর হোসেন পিতা- মৃত জয়নাল আবেদীন, সাং- মাতারবাড়ী	নাল মাঠ ২৬ শতক	মাতারবাড়ী ; বিএস খতিয়ান নং- ১৫০৬, দাগ নং- ৩৬৬৫	৩,৫০,৫৬০/-	৮১	১৬০-১৬৬
১৩২	মহেশখালী, কক্সবাজার	কবলা নং-২১০৫ তাং-০৯/১১/২০২২ইং মূল্য-১৭,৬০,০০০/-	আর্মি হেরিটি লিমিটেড পক্ষে ব্যবস্থাপনা পরিচালক	মোহাম্মদ হোসেন পিতা- মৃত মিয়া হোসেন, সাং- উত্তর সিকদারপাড়া	নাল মাঠ ৪০ শতক	মাতারবাড়ী ; বিএস খতিয়ান নং- ১৮০৩, দাগ নং- ৩৪৬৫	১,৬৪,৪৫০/-	৮১	৬১-৬৬
১৩৩	ঐ	কবলা নং-২১০৬ তাং-০৯/১১/২০২২ইং মূল্য-৭,৭০,০০০/-	ঐ	আবু জাফর পিতা- এমরান আলী, সাং- মাতারবাড়ী	নাল ৫০.৩৩ শতক	মাতারবাড়ী ; বিএস খতিয়ান নং- ৩৬৩, দাগ নং- ৬৯৬২	৫,৯৭,৩৪০/-	৮১	৬২-৭০
১৩৪	ঐ	কবলা নং-২১০৭ তাং-০৯/১১/২০২২ইং মূল্য-১৫,০০,০০০/-	সাইনি এ্যাসেট লিমিটেড পক্ষে ব্যবস্থাপনা পরিচালক	নুরুল মোস্তাফা পিতা- মৃত হোসেন আলী, সাং- মাতারবাড়ী	নাল ৩১ শতক	মাতারবাড়ী ; বিএস খতিয়ান নং- ৪৪৬, দাগ নং- ৭৬৯৬	১,৩৫,৭৯০/-	৮১	৭০-৮০
এরপর ১০ পৃষ্ঠায় দেখুন
